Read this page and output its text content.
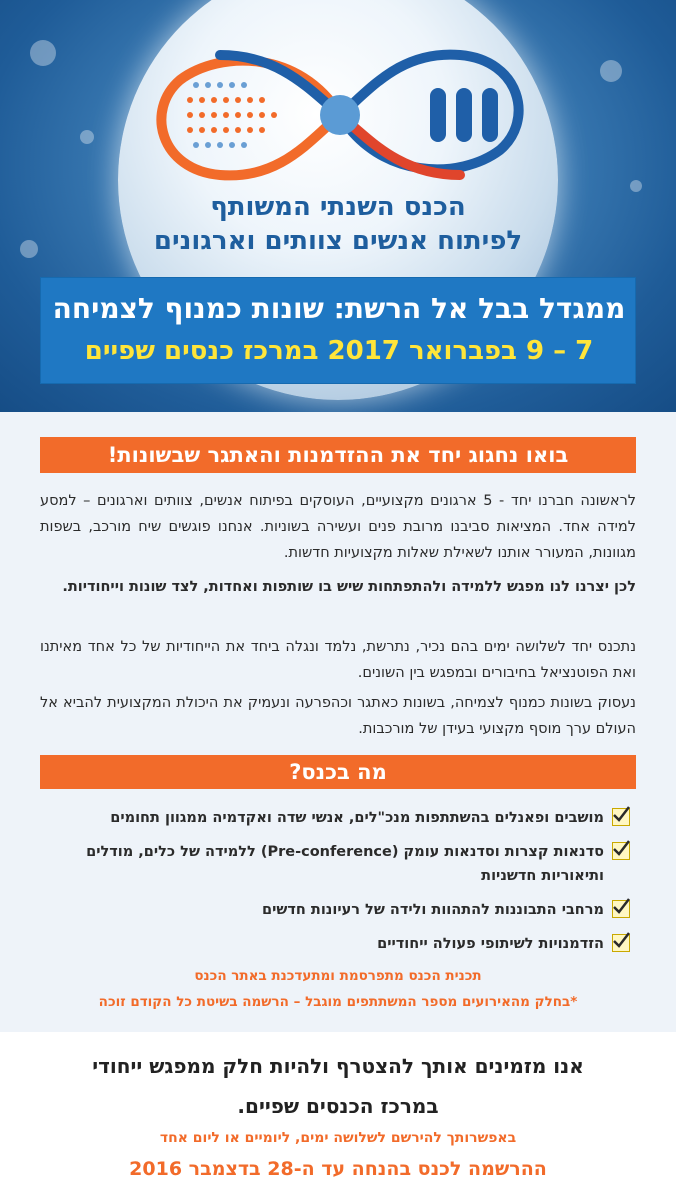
הכנס השנתי המשותף
לפיתוח אנשים צוותים וארגונים
ממגדל בבל אל הרשת: שונות כמנוף לצמיחה
7 – 9 בפברואר 2017 במרכז כנסים שפיים
בואו נחגוג יחד את ההזדמנות והאתגר שבשונות!

לראשונה חברנו יחד - 5 ארגונים מקצועיים, העוסקים בפיתוח אנשים, צוותים וארגונים – למסע למידה אחד. המציאות סביבנו מרובת פנים ועשירה בשוניות. אנחנו פוגשים שיח מורכב, בשפות מגוונות, המעורר אותנו לשאילת שאלות מקצועיות חדשות.

לכן יצרנו לנו מפגש ללמידה ולהתפתחות שיש בו שותפות ואחדות, לצד שונות וייחודיות.

נתכנס יחד לשלושה ימים בהם נכיר, נתרשת, נלמד ונגלה ביחד את הייחודיות של כל אחד מאיתנו ואת הפוטנציאל בחיבורים ובמפגש בין השונים.

נעסוק בשונות כמנוף לצמיחה, בשונות כאתגר וכהפרעה ונעמיק את היכולת המקצועית להביא אל העולם ערך מוסף מקצועי בעידן של מורכבות.

מה בכנס?
מושבים ופאנלים בהשתתפות מנכ"לים, אנשי שדה ואקדמיה ממגוון תחומים
סדנאות קצרות וסדנאות עומק (Pre-conference) ללמידה של כלים, מודלים ותיאוריות חדשניות
מרחבי התבוננות להתהוות ולידה של רעיונות חדשים
הזדמנויות לשיתופי פעולה ייחודיים
תכנית הכנס מתפרסמת ומתעדכנת באתר הכנס
*בחלק מהאירועים מספר המשתתפים מוגבל – הרשמה בשיטת כל הקודם זוכה
אנו מזמינים אותך להצטרף ולהיות חלק ממפגש ייחודי
במרכז הכנסים שפיים.
באפשרותך להירשם לשלושה ימים, ליומיים או ליום אחד
ההרשמה לכנס בהנחה עד ה-28 בדצמבר 2016
